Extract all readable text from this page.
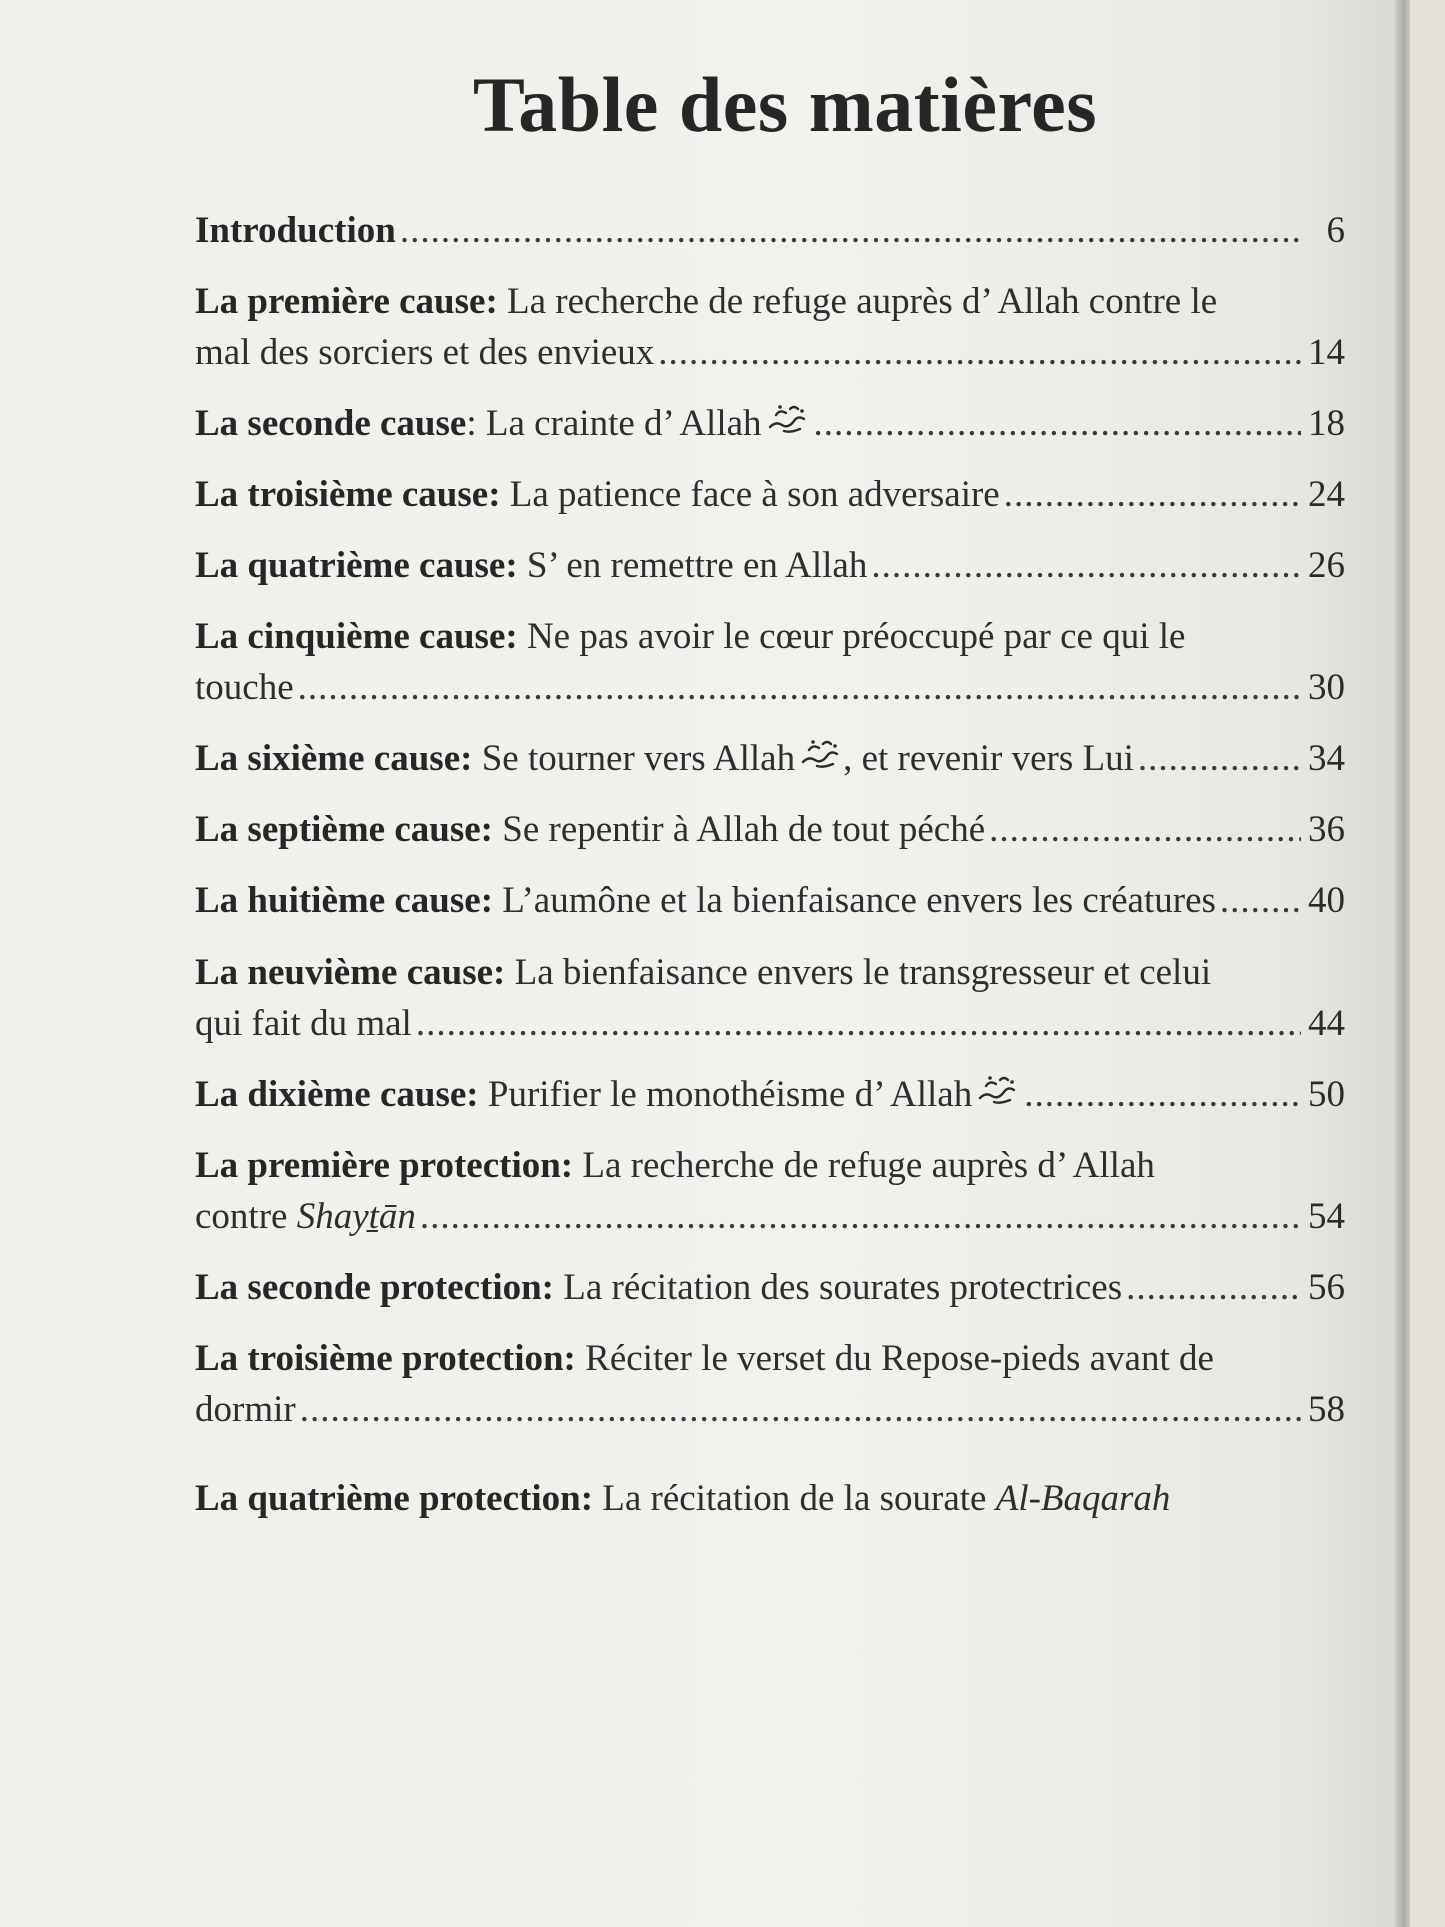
Table des matières
Introduction .....	6
La première cause: La recherche de refuge auprès d’ Allah contre le
mal des sorciers et des envieux .....	14
La seconde cause : La crainte d’ Allah .....	18
La troisième cause:
La patience face à son adversaire .....	24
La quatrième cause:
S’ en remettre en Allah .....	26
La cinquième cause: Ne pas avoir le cœur préoccupé par ce qui le
touche .....	30
La sixième cause:
Se tourner vers Allah , et revenir vers Lui .....	34
La septième cause:
Se repentir à Allah de tout péché .....	36
La huitième cause:
L’aumône et la bienfaisance envers les créatures ..... 40
La neuvième cause: La bienfaisance envers le transgresseur et celui
qui fait du mal .....	44
La dixième cause:
Purifier le monothéisme d’ Allah .....	50
La première protection: La recherche de refuge auprès d’ Allah
contre
Shayṯān .....	54
La seconde protection:
La récitation des sourates protectrices .....	56
La troisième protection: Réciter le verset du Repose-pieds avant de
dormir .....	58
La quatrième protection: La récitation de la sourate Al-Baqarah
